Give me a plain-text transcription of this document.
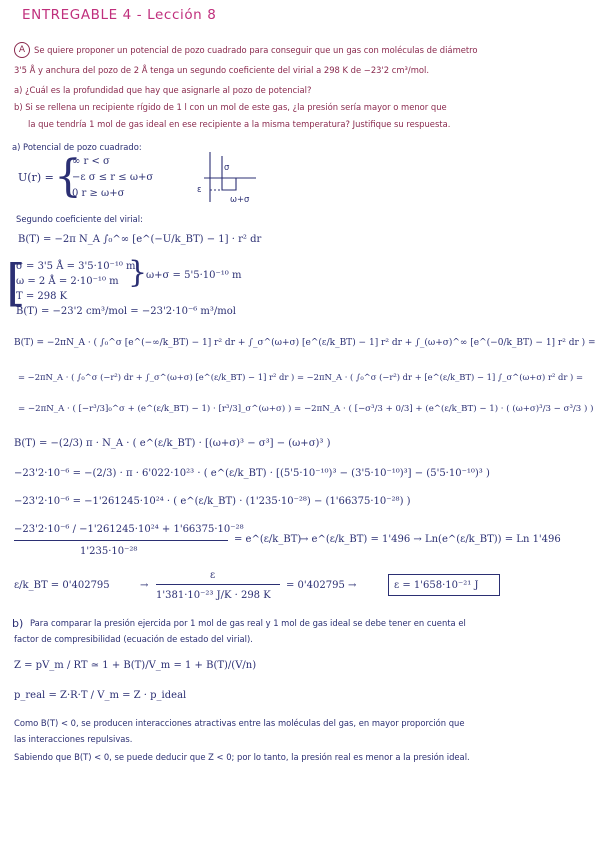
ENTREGABLE 4 - Lección 8
A	Se quiere proponer un potencial de pozo cuadrado para conseguir que un gas con moléculas de diámetro
3'5 Å y anchura del pozo de 2 Å tenga un segundo coeficiente del virial a 298 K de −23'2 cm³/mol.
a) ¿Cuál es la profundidad que hay que asignarle al pozo de potencial?
b) Si se rellena un recipiente rígido de 1 l con un mol de este gas, ¿la presión sería mayor o menor que
la que tendría 1 mol de gas ideal en ese recipiente a la misma temperatura? Justifique su respuesta.
a) Potencial de pozo cuadrado:
U(r) = {
∞ r < σ
−ε σ ≤ r ≤ ω+σ
0 r ≥ ω+σ
σ
ε
ω+σ
Segundo coeficiente del virial:
B(T) = −2π N_A ∫₀^∞ [e^(−U/k_BT) − 1] · r² dr
[
σ = 3'5 Å = 3'5·10⁻¹⁰ m
ω = 2 Å = 2·10⁻¹⁰ m
T = 298 K
B(T) = −23'2 cm³/mol = −23'2·10⁻⁶ m³/mol
}
ω+σ = 5'5·10⁻¹⁰ m
B(T) = −2πN_A · ( ∫₀^σ [e^(−∞/k_BT) − 1] r² dr + ∫_σ^(ω+σ) [e^(ε/k_BT) − 1] r² dr + ∫_(ω+σ)^∞ [e^(−0/k_BT) − 1] r² dr ) =
= −2πN_A · ( ∫₀^σ (−r²) dr + ∫_σ^(ω+σ) [e^(ε/k_BT) − 1] r² dr ) = −2πN_A · ( ∫₀^σ (−r²) dr + [e^(ε/k_BT) − 1] ∫_σ^(ω+σ) r² dr ) =
= −2πN_A · ( [−r³/3]₀^σ + (e^(ε/k_BT) − 1) · [r³/3]_σ^(ω+σ) ) = −2πN_A · ( [−σ³/3 + 0/3] + (e^(ε/k_BT) − 1) · ( (ω+σ)³/3 − σ³/3 ) )
B(T) = −(2/3) π · N_A · ( e^(ε/k_BT) · [(ω+σ)³ − σ³] − (ω+σ)³ )
−23'2·10⁻⁶ = −(2/3) · π · 6'022·10²³ · ( e^(ε/k_BT) · [(5'5·10⁻¹⁰)³ − (3'5·10⁻¹⁰)³] − (5'5·10⁻¹⁰)³ )
−23'2·10⁻⁶ = −1'261245·10²⁴ · ( e^(ε/k_BT) · (1'235·10⁻²⁸) − (1'66375·10⁻²⁸) )
−23'2·10⁻⁶ / −1'261245·10²⁴ + 1'66375·10⁻²⁸
1'235·10⁻²⁸
= e^(ε/k_BT)
→ e^(ε/k_BT) = 1'496 → Ln(e^(ε/k_BT)) = Ln 1'496
ε/k_BT = 0'402795	→
ε
1'381·10⁻²³ J/K · 298 K
= 0'402795 →	ε = 1'658·10⁻²¹ J
b) Para comparar la presión ejercida por 1 mol de gas real y 1 mol de gas ideal se debe tener en cuenta el
factor de compresibilidad (ecuación de estado del virial).
Z = pV_m / RT ≃ 1 + B(T)/V_m = 1 + B(T)/(V/n)
p_real = Z·R·T / V_m = Z · p_ideal
Como B(T) < 0, se producen interacciones atractivas entre las moléculas del gas, en mayor proporción que
las interacciones repulsivas.
Sabiendo que B(T) < 0, se puede deducir que Z < 0; por lo tanto, la presión real es menor a la presión ideal.
